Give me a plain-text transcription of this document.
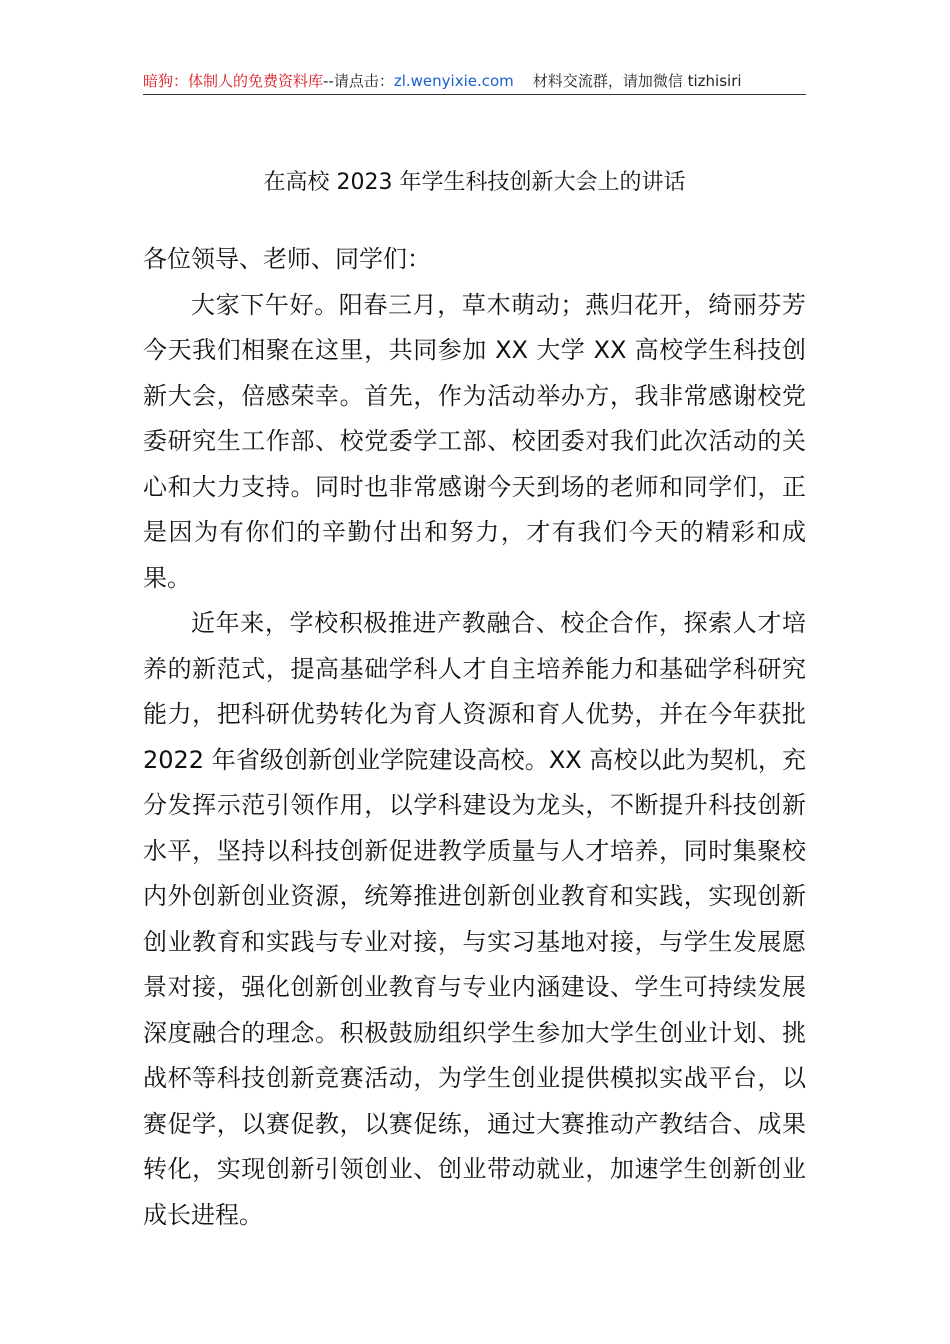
暗狗：体制人的免费资料库--请点击：zl.wenyixie.com 材料交流群，请加微信 tizhisiri
在高校 2023 年学生科技创新大会上的讲话

各位领导、老师、同学们：

大家下午好。阳春三月，草木萌动；燕归花开，绮丽芬芳今天我们相聚在这里，共同参加 XX 大学 XX 高校学生科技创新大会，倍感荣幸。首先，作为活动举办方，我非常感谢校党委研究生工作部、校党委学工部、校团委对我们此次活动的关心和大力支持。同时也非常感谢今天到场的老师和同学们，正是因为有你们的辛勤付出和努力，才有我们今天的精彩和成果。

近年来，学校积极推进产教融合、校企合作，探索人才培养的新范式，提高基础学科人才自主培养能力和基础学科研究能力，把科研优势转化为育人资源和育人优势，并在今年获批 2022 年省级创新创业学院建设高校。XX 高校以此为契机，充分发挥示范引领作用，以学科建设为龙头，不断提升科技创新水平，坚持以科技创新促进教学质量与人才培养，同时集聚校内外创新创业资源，统筹推进创新创业教育和实践，实现创新创业教育和实践与专业对接，与实习基地对接，与学生发展愿景对接，强化创新创业教育与专业内涵建设、学生可持续发展深度融合的理念。积极鼓励组织学生参加大学生创业计划、挑战杯等科技创新竞赛活动，为学生创业提供模拟实战平台，以赛促学，以赛促教，以赛促练，通过大赛推动产教结合、成果转化，实现创新引领创业、创业带动就业，加速学生创新创业成长进程。
